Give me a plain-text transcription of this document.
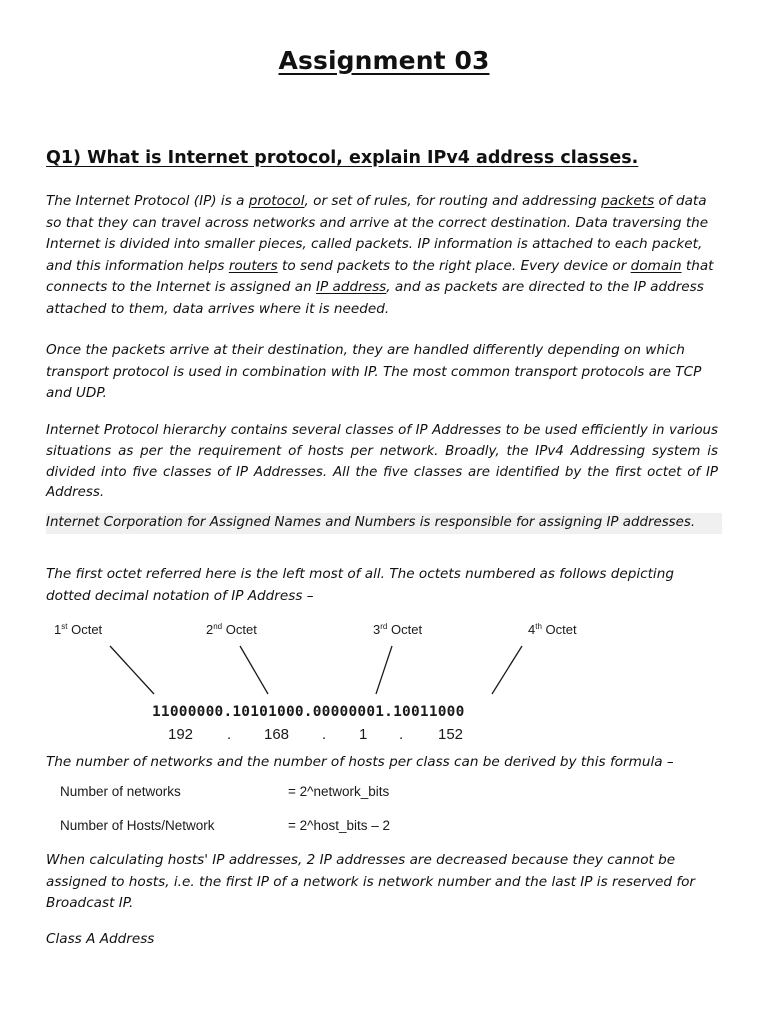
Assignment 03
Q1) What is Internet protocol, explain IPv4 address classes.

The Internet Protocol (IP) is a protocol, or set of rules, for routing and addressing packets of data so that they can travel across networks and arrive at the correct destination. Data traversing the Internet is divided into smaller pieces, called packets. IP information is attached to each packet, and this information helps routers to send packets to the right place. Every device or domain that connects to the Internet is assigned an IP address, and as packets are directed to the IP address attached to them, data arrives where it is needed.

Once the packets arrive at their destination, they are handled differently depending on which transport protocol is used in combination with IP. The most common transport protocols are TCP and UDP.

Internet Protocol hierarchy contains several classes of IP Addresses to be used efficiently in various situations as per the requirement of hosts per network. Broadly, the IPv4 Addressing system is divided into five classes of IP Addresses. All the five classes are identified by the first octet of IP Address.

Internet Corporation for Assigned Names and Numbers is responsible for assigning IP addresses.

The first octet referred here is the left most of all. The octets numbered as follows depicting dotted decimal notation of IP Address –

1st Octet	2nd Octet	3rd Octet	4th Octet
11000000.10101000.00000001.10011000
192 . 168 . 1 . 152

The number of networks and the number of hosts per class can be derived by this formula –

Number of networks	= 2^network_bits
Number of Hosts/Network	= 2^host_bits – 2

When calculating hosts' IP addresses, 2 IP addresses are decreased because they cannot be assigned to hosts, i.e. the first IP of a network is network number and the last IP is reserved for Broadcast IP.

Class A Address
